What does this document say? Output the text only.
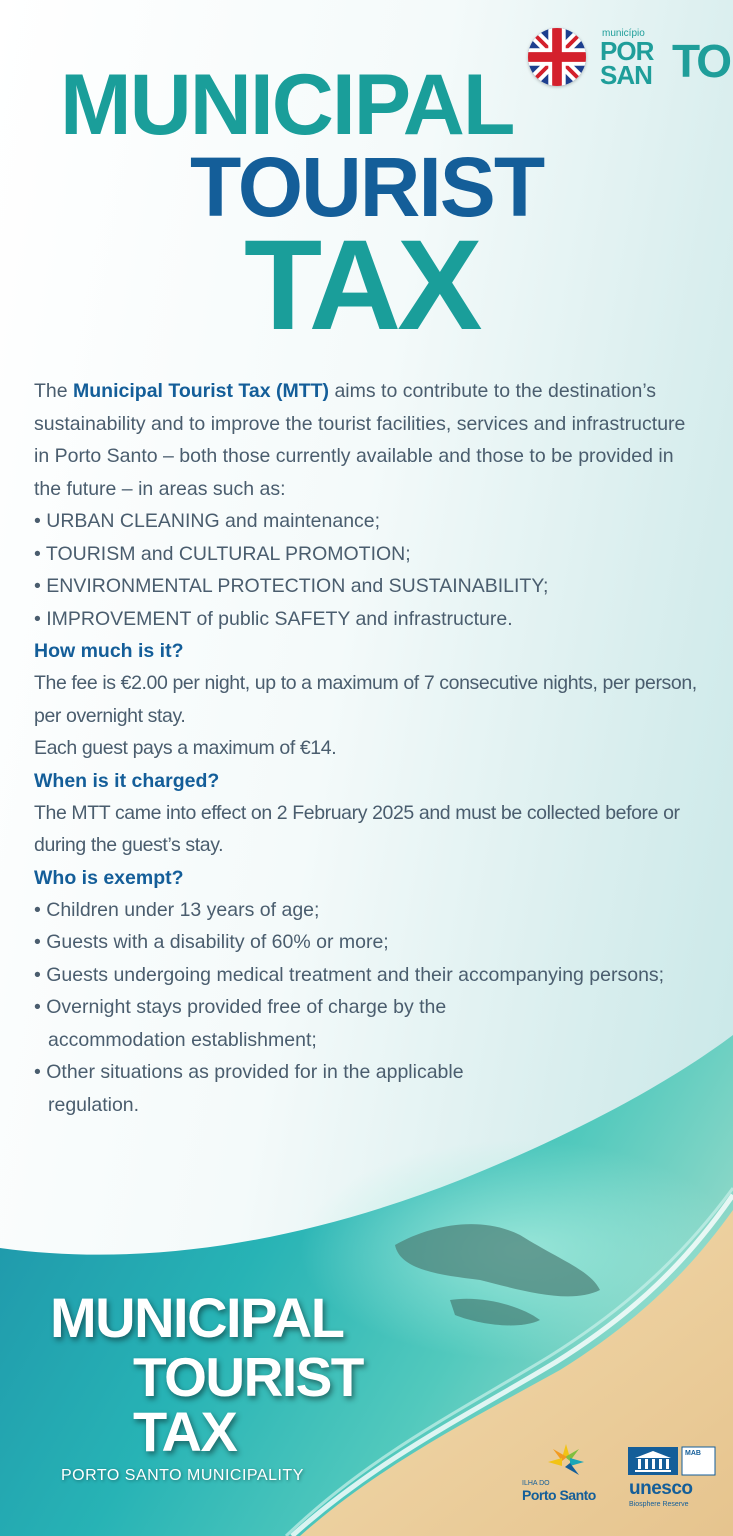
município
POR
SAN TO
MUNICIPAL
TOURIST
TAX

The Municipal Tourist Tax (MTT) aims to contribute to the destination’s sustainability and to improve the tourist facilities, services and infrastructure in Porto Santo – both those currently available and those to be provided in the future – in areas such as:

• URBAN CLEANING and maintenance;

• TOURISM and CULTURAL PROMOTION;

• ENVIRONMENTAL PROTECTION and SUSTAINABILITY;

• IMPROVEMENT of public SAFETY and infrastructure.

How much is it?

The fee is €2.00 per night, up to a maximum of 7 consecutive nights, per person, per overnight stay.

Each guest pays a maximum of €14.

When is it charged?

The MTT came into effect on 2 February 2025 and must be collected before or during the guest’s stay.

Who is exempt?

• Children under 13 years of age;

• Guests with a disability of 60% or more;

• Guests undergoing medical treatment and their accompanying persons;

• Overnight stays provided free of charge by the accommodation establishment;

• Other situations as provided for in the applicable regulation.

MUNICIPAL
TOURIST
TAX
PORTO SANTO MUNICIPALITY	ILHA DO
Porto Santo
MAB
unesco
Biosphere Reserve
